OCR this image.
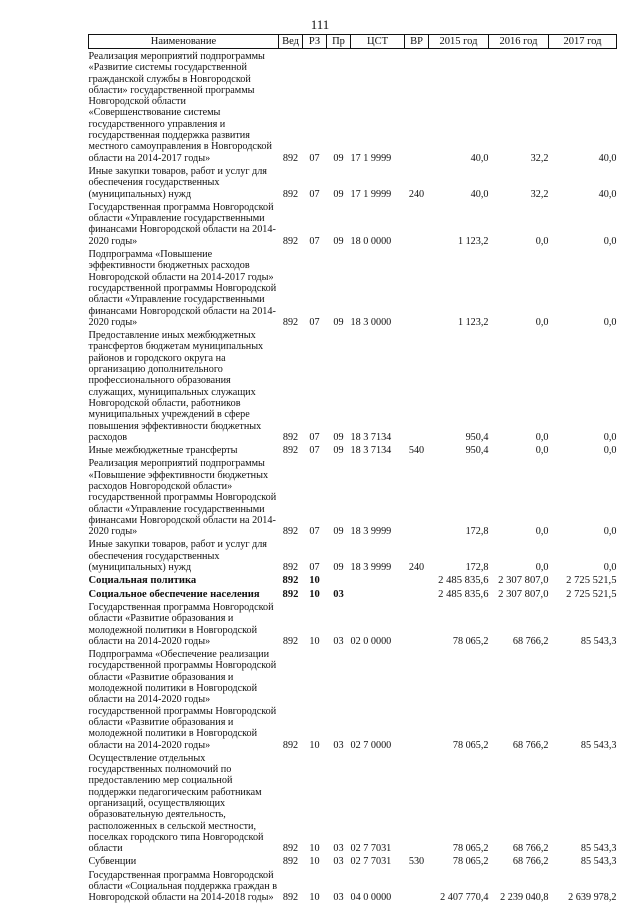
111
Наименование	Вед	РЗ	Пр	ЦСТ	ВР	2015 год	2016 год	2017 год
Реализация мероприятий подпрограммы «Развитие системы государственной гражданской службы в Новгородской области» государственной программы Новгородской области «Совершенствование системы государственного управления и государственная поддержка развития местного самоуправления в Новгородской области на 2014-2017 годы»	892	07	09	17 1 9999		40,0	32,2	40,0
Иные закупки товаров, работ и услуг для обеспечения государственных (муниципальных) нужд	892	07	09	17 1 9999	240	40,0	32,2	40,0
Государственная программа Новгородской области «Управление государственными финансами Новгородской области на 2014-2020 годы»	892	07	09	18 0 0000		1 123,2	0,0	0,0
Подпрограмма «Повышение эффективности бюджетных расходов Новгородской области на 2014-2017 годы» государственной программы Новгородской области «Управление государственными финансами Новгородской области на 2014-2020 годы»	892	07	09	18 3 0000		1 123,2	0,0	0,0
Предоставление иных межбюджетных трансфертов бюджетам муниципальных районов и городского округа на организацию дополнительного профессионального образования служащих, муниципальных служащих Новгородской области, работников муниципальных учреждений в сфере повышения эффективности бюджетных расходов	892	07	09	18 3 7134		950,4	0,0	0,0
Иные межбюджетные трансферты	892	07	09	18 3 7134	540	950,4	0,0	0,0
Реализация мероприятий подпрограммы «Повышение эффективности бюджетных расходов Новгородской области» государственной программы Новгородской области «Управление государственными финансами Новгородской области на 2014-2020 годы»	892	07	09	18 3 9999		172,8	0,0	0,0
Иные закупки товаров, работ и услуг для обеспечения государственных (муниципальных) нужд	892	07	09	18 3 9999	240	172,8	0,0	0,0
Социальная политика	892	10				2 485 835,6	2 307 807,0	2 725 521,5
Социальное обеспечение населения	892	10	03			2 485 835,6	2 307 807,0	2 725 521,5
Государственная программа Новгородской области «Развитие образования и молодежной политики в Новгородской области на 2014-2020 годы»	892	10	03	02 0 0000		78 065,2	68 766,2	85 543,3
Подпрограмма «Обеспечение реализации государственной программы Новгородской области «Развитие образования и молодежной политики в Новгородской области на 2014-2020 годы» государственной программы Новгородской области «Развитие образования и молодежной политики в Новгородской области на 2014-2020 годы»	892	10	03	02 7 0000		78 065,2	68 766,2	85 543,3
Осуществление отдельных государственных полномочий по предоставлению мер социальной поддержки педагогическим работникам организаций, осуществляющих образовательную деятельность, расположенных в сельской местности, поселках городского типа Новгородской области	892	10	03	02 7 7031		78 065,2	68 766,2	85 543,3
Субвенции	892	10	03	02 7 7031	530	78 065,2	68 766,2	85 543,3
Государственная программа Новгородской области «Социальная поддержка граждан в Новгородской области на 2014-2018 годы»	892	10	03	04 0 0000		2 407 770,4	2 239 040,8	2 639 978,2
